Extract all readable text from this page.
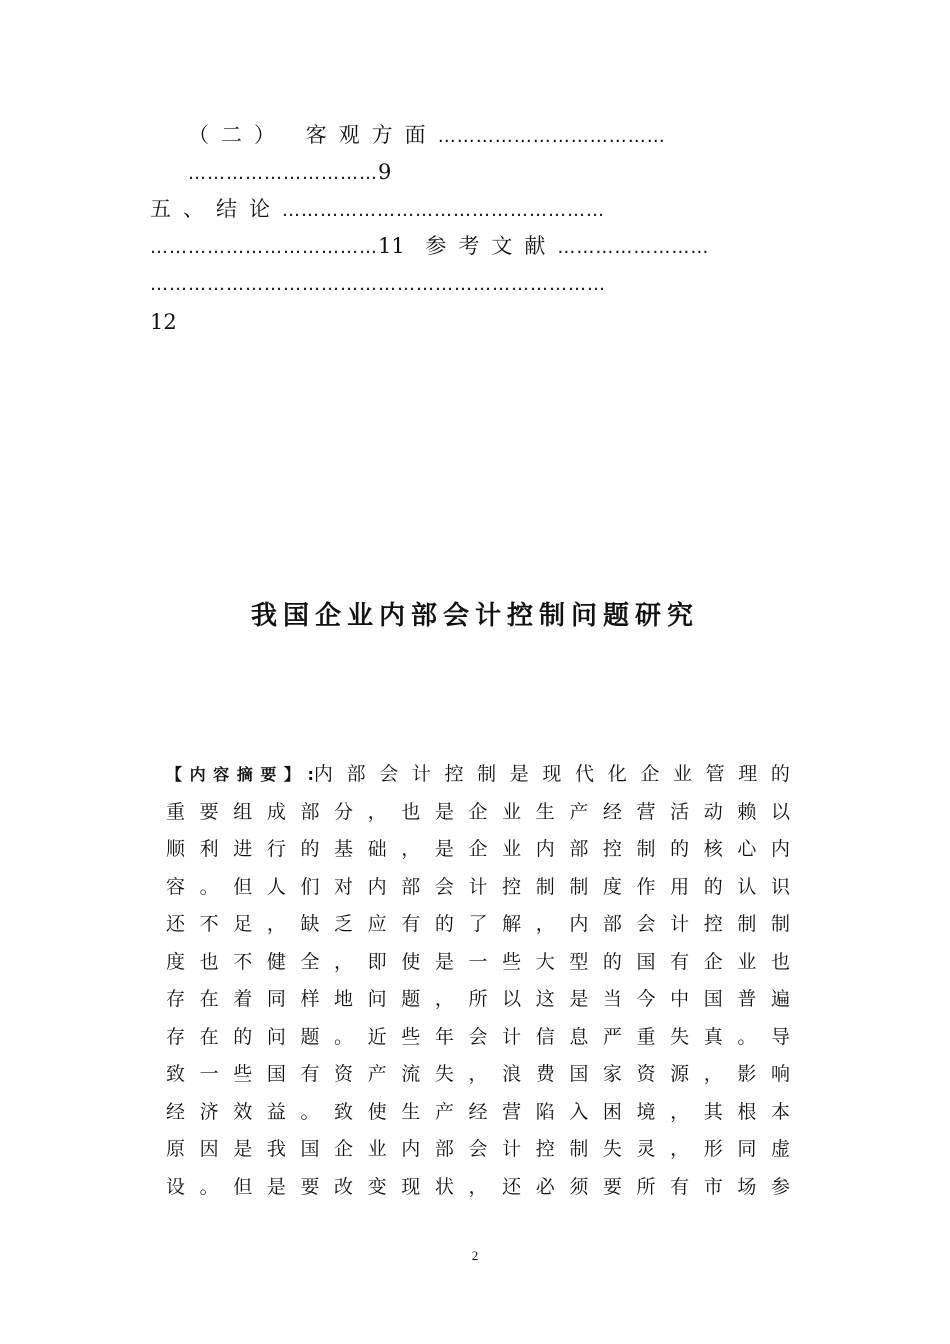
（二） 客观方面………………………………
…………………………9
五、结论……………………………………………
………………………………11 参考文献……………………
………………………………………………………………
12
我国企业内部会计控制问题研究
【内容摘要】:内 部 会 计 控 制 是 现 代 化 企 业 管 理 的
重 要 组 成 部 分 ， 也 是 企 业 生 产 经 营 活 动 赖 以
顺 利 进 行 的 基 础 ， 是 企 业 内 部 控 制 的 核 心 内
容 。 但 人 们 对 内 部 会 计 控 制 制 度 作 用 的 认 识
还 不 足 ， 缺 乏 应 有 的 了 解 ， 内 部 会 计 控 制 制
度 也 不 健 全 ， 即 使 是 一 些 大 型 的 国 有 企 业 也
存 在 着 同 样 地 问 题 ， 所 以 这 是 当 今 中 国 普 遍
存 在 的 问 题 。 近 些 年 会 计 信 息 严 重 失 真 。 导
致 一 些 国 有 资 产 流 失 ， 浪 费 国 家 资 源 ， 影 响
经 济 效 益 。 致 使 生 产 经 营 陷 入 困 境 ， 其 根 本
原 因 是 我 国 企 业 内 部 会 计 控 制 失 灵 ， 形 同 虚
设 。 但 是 要 改 变 现 状 ， 还 必 须 要 所 有 市 场 参
2
